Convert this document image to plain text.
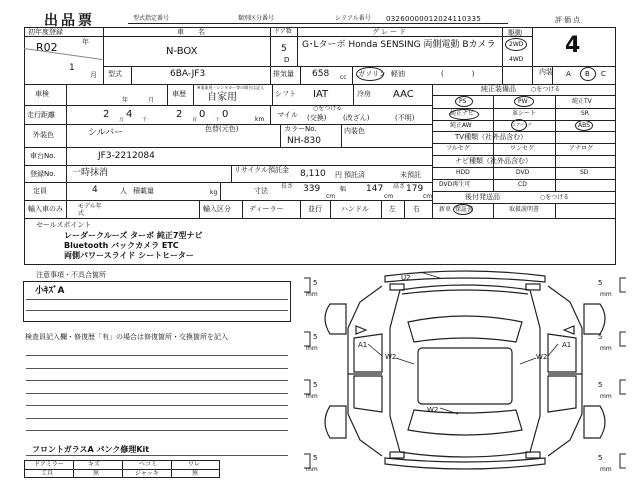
出品票	型式指定番号	類別区分番号	シリアル番号 032600000120241103​35	評価点
初年度登録
年
R02
1
月
車名
N-BOX
ドア数
5
D
グレード
G･Lターボ Honda SENSING 両側電動 Bカメラ
駆動
2WD
4WD
4
型式	6BA-JF3	排気量 658 cc ガソリン 軽油	(　　　　)	内装 A B C
車検
年	月
車歴
※事業用・レンタカー等の場合は記入
自家用	シフト IAT	冷房 AAC
走行距離	2 4	2 0 0
万	千	百	十	km
マイル
○をつける
(交換) (改ざん)	(不明)
外装色	シルバー	色替(元色)	カラーNo.
NH-830
内装色
車台No.	JF3-2212084
登録No. 一時抹消	リサイクル預託金 8,110 円 預託済	未預託
定員	4	人 積載量	kg	寸法
長さ 339
cm
幅 147
cm
高さ 179
cm
輸入車のみ	モデル年式
輸入区分	ディーラー	並行	ハンドル	左 右
純正装備品	○をつける
PS	PW	純正TV
純正ナビ	革シート	SR
純正AW	エアバッグ	ABS
TV種類（社外品含む）
フルセグ	ワンセグ	アナログ
ナビ種類（社外品含む）
HDD	DVD	SD
DVD再生可	CD
後付発送品	○をつける
新車 保証書	取扱説明書
セールスポイント
レーダークルーズ ターボ 純正7型ナビ
Bluetooth バックカメラ ETC
両側パワースライド シートヒーター
注意事項・不具合箇所
小ｷｽﾞA
検査員記入欄・修復歴「有」の場合は修復箇所・交換箇所を記入
フロントガラスA パンク修理Kit
ドアミラー	キズ	ヘコミ	ワレ
工具	無	ジャッキ	無
U2
A1	A1
W2	W2
W2
5
mm
5
mm
5
mm
5
mm
5
mm
5
mm
5
mm
5
mm
